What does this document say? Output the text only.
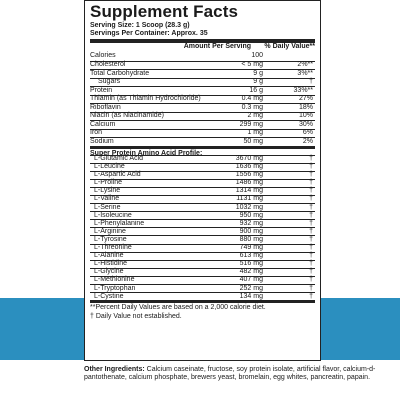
Supplement Facts
Serving Size: 1 Scoop (28.3 g)
Servings Per Container: Approx. 35
Amount Per Serving	% Daily Value**
Calories	100
Cholesterol	< 5 mg	2%**
Total Carbohydrate	9 g	3%**
Sugars	9 g	†
Protein	16 g	33%**
Thiamin (as Thiamin Hydrochloride)	0.4 mg	27%
Riboflavin	0.3 mg	18%
Niacin (as Niacinamide)	2 mg	10%
Calcium	299 mg	30%
Iron	1 mg	6%
Sodium	50 mg	2%
Super Protein Amino Acid Profile:
L-Glutamic Acid	3670 mg	†
L-Leucine	1636 mg	†
L-Aspartic Acid	1556 mg	†
L-Proline	1486 mg	†
L-Lysine	1314 mg	†
L-Valine	1131 mg	†
L-Serine	1032 mg	†
L-Isoleucine	950 mg	†
L-Phenylalanine	932 mg	†
L-Arginine	900 mg	†
L-Tyrosine	880 mg	†
L-Threonine	749 mg	†
L-Alanine	613 mg	†
L-Histidine	516 mg	†
L-Glycine	482 mg	†
L-Methionine	407 mg	†
L-Tryptophan	252 mg	†
L-Cystine	134 mg	†
**Percent Daily Values are based on a 2,000 calorie diet.
† Daily Value not established.
Other Ingredients: Calcium caseinate, fructose, soy protein isolate, artificial flavor, calcium-d-pantothenate, calcium phosphate, brewers yeast, bromelain, egg whites, pancreatin, papain.
